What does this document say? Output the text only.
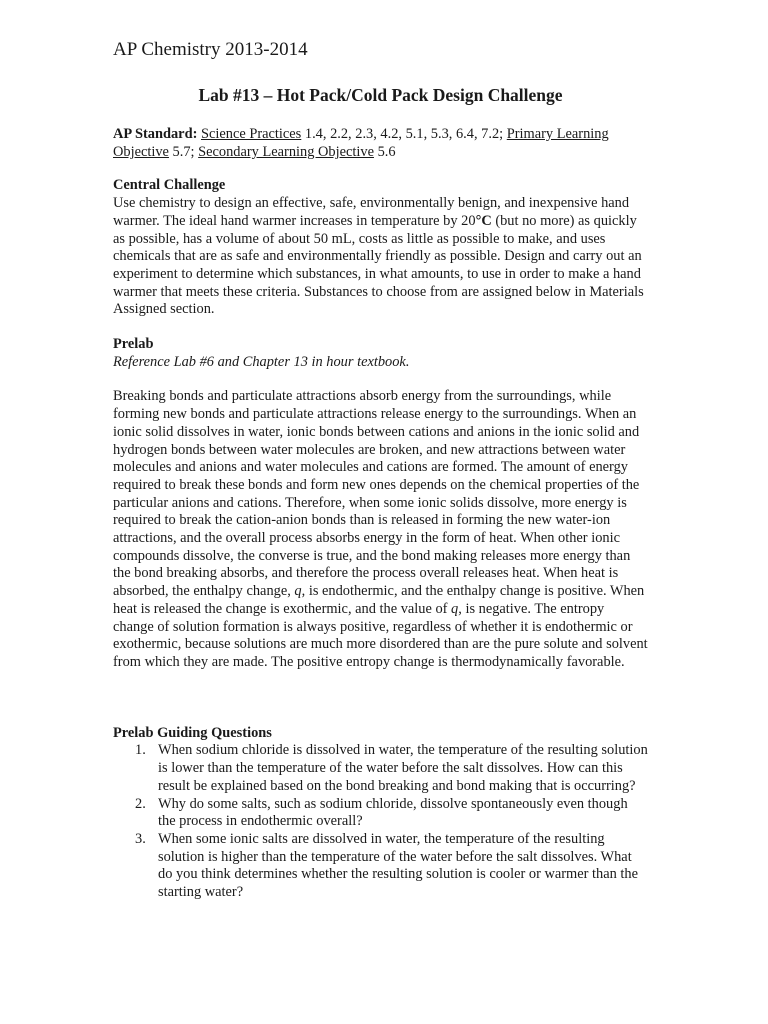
AP Chemistry 2013-2014
Lab #13 – Hot Pack/Cold Pack Design Challenge

AP Standard: Science Practices 1.4, 2.2, 2.3, 4.2, 5.1, 5.3, 6.4, 7.2; Primary Learning Objective 5.7; Secondary Learning Objective 5.6

Central Challenge

Use chemistry to design an effective, safe, environmentally benign, and inexpensive hand warmer. The ideal hand warmer increases in temperature by 20°C (but no more) as quickly as possible, has a volume of about 50 mL, costs as little as possible to make, and uses chemicals that are as safe and environmentally friendly as possible. Design and carry out an experiment to determine which substances, in what amounts, to use in order to make a hand warmer that meets these criteria. Substances to choose from are assigned below in Materials Assigned section.

Prelab

Reference Lab #6 and Chapter 13 in hour textbook.

Breaking bonds and particulate attractions absorb energy from the surroundings, while forming new bonds and particulate attractions release energy to the surroundings. When an ionic solid dissolves in water, ionic bonds between cations and anions in the ionic solid and hydrogen bonds between water molecules are broken, and new attractions between water molecules and anions and water molecules and cations are formed. The amount of energy required to break these bonds and form new ones depends on the chemical properties of the particular anions and cations. Therefore, when some ionic solids dissolve, more energy is required to break the cation-anion bonds than is released in forming the new water-ion attractions, and the overall process absorbs energy in the form of heat. When other ionic compounds dissolve, the converse is true, and the bond making releases more energy than the bond breaking absorbs, and therefore the process overall releases heat. When heat is absorbed, the enthalpy change, q, is endothermic, and the enthalpy change is positive. When heat is released the change is exothermic, and the value of q, is negative. The entropy change of solution formation is always positive, regardless of whether it is endothermic or exothermic, because solutions are much more disordered than are the pure solute and solvent from which they are made. The positive entropy change is thermodynamically favorable.

Prelab Guiding Questions
1. When sodium chloride is dissolved in water, the temperature of the resulting solution is lower than the temperature of the water before the salt dissolves. How can this result be explained based on the bond breaking and bond making that is occurring?
2. Why do some salts, such as sodium chloride, dissolve spontaneously even though the process in endothermic overall?
3. When some ionic salts are dissolved in water, the temperature of the resulting solution is higher than the temperature of the water before the salt dissolves. What do you think determines whether the resulting solution is cooler or warmer than the starting water?
